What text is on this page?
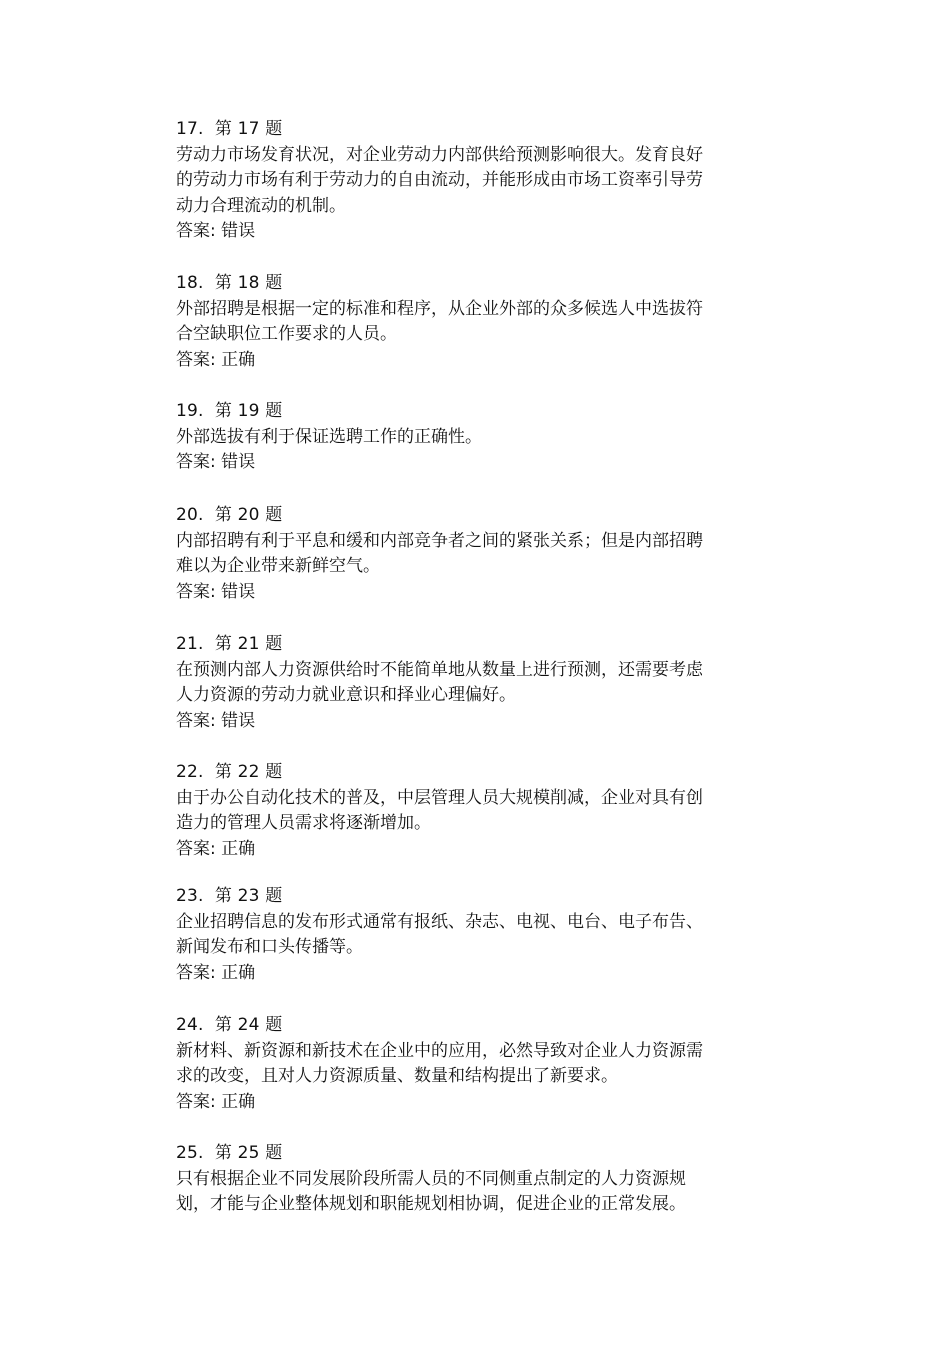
17. 第 17 题
劳动力市场发育状况，对企业劳动力内部供给预测影响很大。发育良好
的劳动力市场有利于劳动力的自由流动，并能形成由市场工资率引导劳
动力合理流动的机制。
答案: 错误
18. 第 18 题
外部招聘是根据一定的标准和程序，从企业外部的众多候选人中选拔符
合空缺职位工作要求的人员。
答案: 正确
19. 第 19 题
外部选拔有利于保证选聘工作的正确性。
答案: 错误
20. 第 20 题
内部招聘有利于平息和缓和内部竞争者之间的紧张关系；但是内部招聘
难以为企业带来新鲜空气。
答案: 错误
21. 第 21 题
在预测内部人力资源供给时不能简单地从数量上进行预测，还需要考虑
人力资源的劳动力就业意识和择业心理偏好。
答案: 错误
22. 第 22 题
由于办公自动化技术的普及，中层管理人员大规模削减，企业对具有创
造力的管理人员需求将逐渐增加。
答案: 正确
23. 第 23 题
企业招聘信息的发布形式通常有报纸、杂志、电视、电台、电子布告、
新闻发布和口头传播等。
答案: 正确
24. 第 24 题
新材料、新资源和新技术在企业中的应用，必然导致对企业人力资源需
求的改变，且对人力资源质量、数量和结构提出了新要求。
答案: 正确
25. 第 25 题
只有根据企业不同发展阶段所需人员的不同侧重点制定的人力资源规
划，才能与企业整体规划和职能规划相协调，促进企业的正常发展。
